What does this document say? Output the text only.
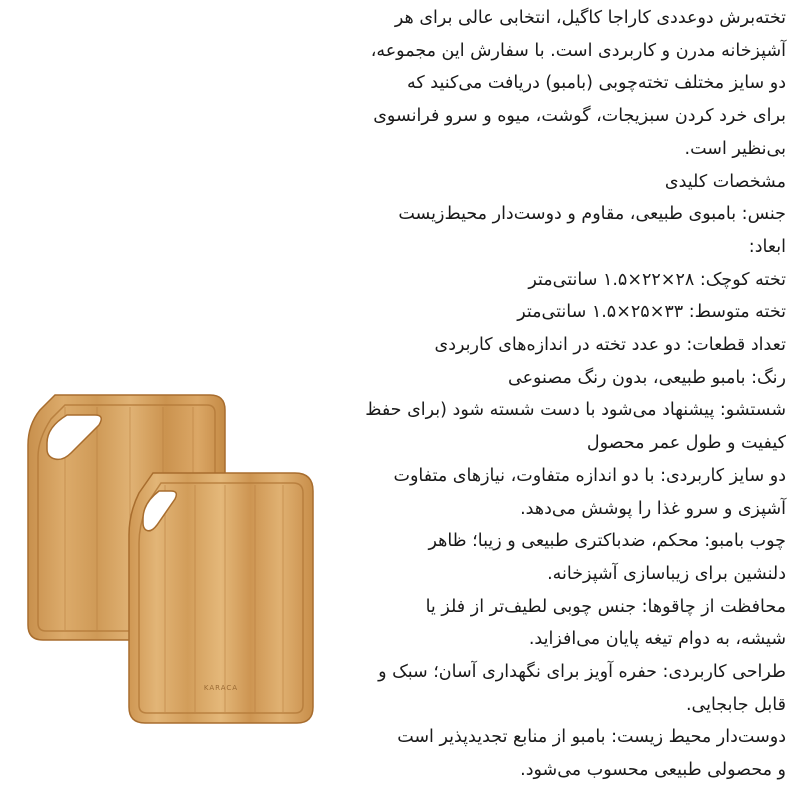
تخته‌برش دوعددی کاراجا کاگیل، انتخابی عالی برای هر
آشپزخانه مدرن و کاربردی است. با سفارش این مجموعه،
دو سایز مختلف تخته‌چوبی (بامبو) دریافت می‌کنید که
برای خرد کردن سبزیجات، گوشت، میوه و سرو فرانسوی
بی‌نظیر است.
مشخصات کلیدی
جنس: بامبوی طبیعی، مقاوم و دوست‌دار محیط‌زیست
ابعاد:
تخته کوچک: ۲۸×۲۲×۱.۵ سانتی‌متر
تخته متوسط: ۳۳×۲۵×۱.۵ سانتی‌متر
تعداد قطعات: دو عدد تخته در اندازه‌های کاربردی
رنگ: بامبو طبیعی، بدون رنگ مصنوعی
شستشو: پیشنهاد می‌شود با دست شسته شود (برای حفظ
کیفیت و طول عمر محصول
دو سایز کاربردی: با دو اندازه متفاوت، نیازهای متفاوت
آشپزی و سرو غذا را پوشش می‌دهد.
چوب بامبو: محکم، ضدباکتری طبیعی و زیبا؛ ظاهر
دلنشین برای زیباسازی آشپزخانه.
محافظت از چاقوها: جنس چوبی لطیف‌تر از فلز یا
شیشه، به دوام تیغه پایان می‌افزاید.
طراحی کاربردی: حفره آویز برای نگهداری آسان؛ سبک و
قابل جابجایی.
دوست‌دار محیط زیست: بامبو از منابع تجدیدپذیر است
و محصولی طبیعی محسوب می‌شود.
KARACA
